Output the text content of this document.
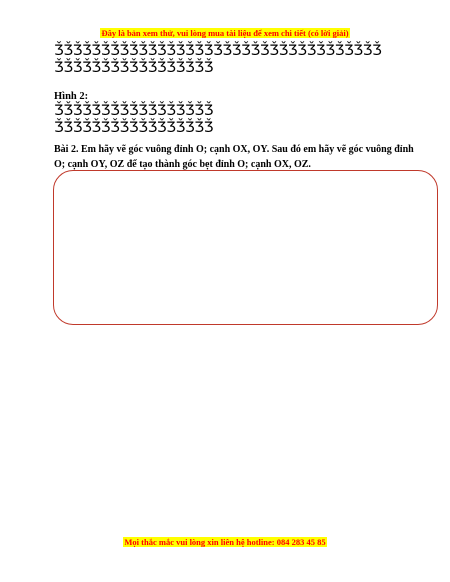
Đây là bản xem thử, vui lòng mua tài liệu để xem chi tiết (có lời giải)
ǮǮǮǮǮǮǮǮǮǮǮǮǮǮǮǮǮǮǮǮǮǮǮǮǮǮǮǮǮǮǮǮǮǮǮ
ǮǮǮǮǮǮǮǮǮǮǮǮǮǮǮǮǮ
Hình 2:
ǮǮǮǮǮǮǮǮǮǮǮǮǮǮǮǮǮ
ǮǮǮǮǮǮǮǮǮǮǮǮǮǮǮǮǮ
Bài 2. Em hãy vẽ góc vuông đỉnh O; cạnh OX, OY. Sau đó em hãy vẽ góc vuông đỉnh O; cạnh OY, OZ để tạo thành góc bẹt đỉnh O; cạnh OX, OZ.
Mọi thắc mắc vui lòng xin liên hệ hotline: 084 283 45 85
